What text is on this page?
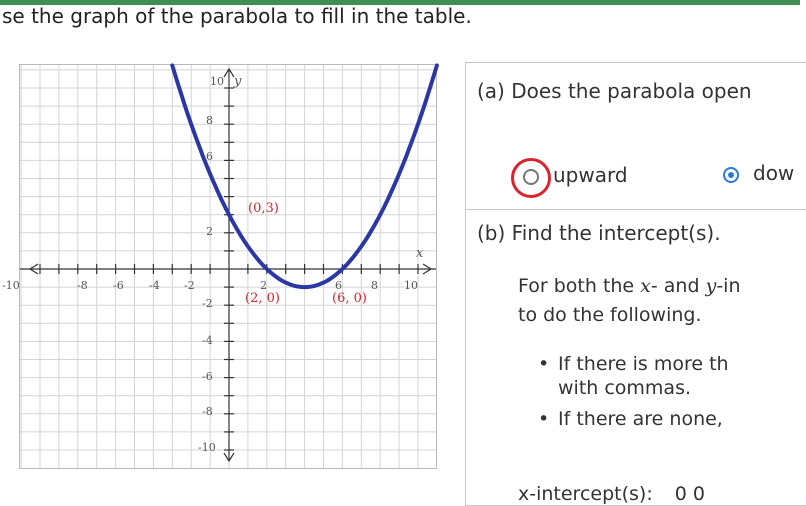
se the graph of the parabola to fill in the table.
-10	-8 -6 -4 -2	2	6	8 10
10
8
6
2
-2
-4
-6
-8
-10
x
y
(0,3)
(2, 0)	(6, 0)
(a) Does the parabola open
upward	dow
(b) Find the intercept(s).
For both the x- and y-in
to do the following.
• If there is more th
with commas.
• If there are none,
x-intercept(s): 0 0
